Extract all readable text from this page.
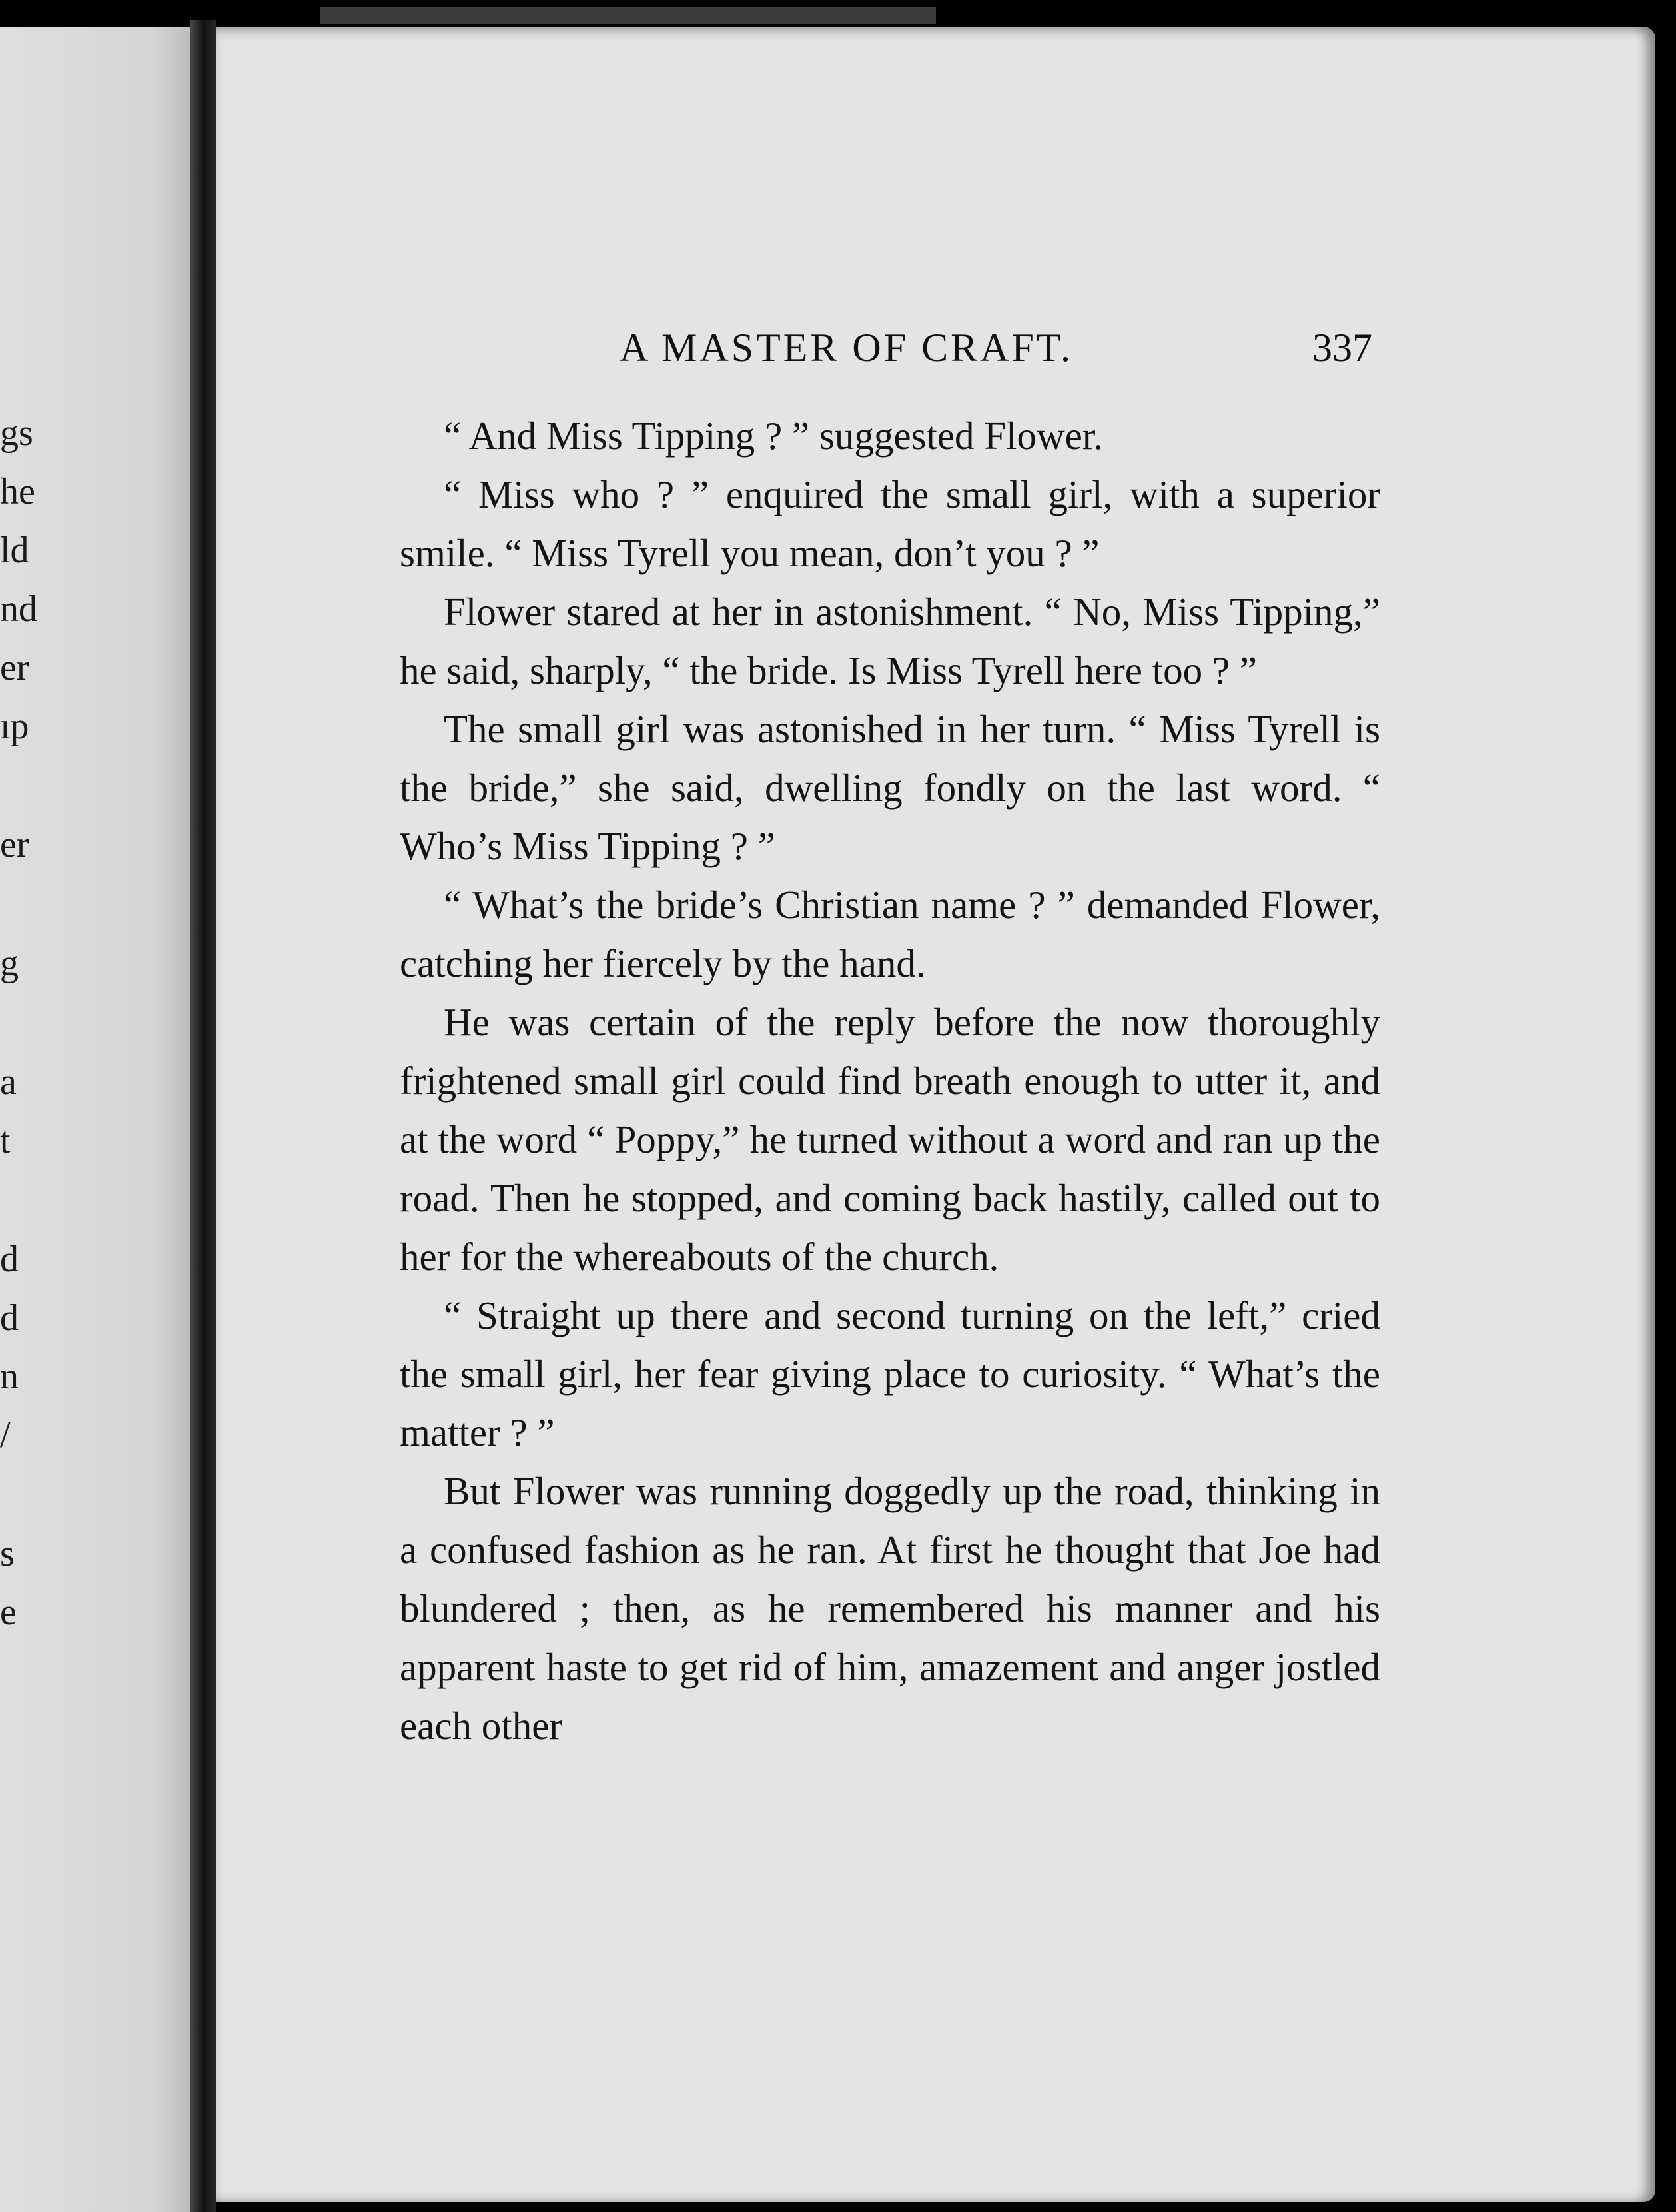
gs
he
ld
nd
er
ıp
er
g
a
t
d
d
n
/
s
e
A MASTER OF CRAFT.	337

“ And Miss Tipping ? ” suggested Flower.

“ Miss who ? ” enquired the small girl, with a superior smile. “ Miss Tyrell you mean, don’t you ? ”

Flower stared at her in astonishment. “ No, Miss Tipping,” he said, sharply, “ the bride. Is Miss Tyrell here too ? ”

The small girl was astonished in her turn. “ Miss Tyrell is the bride,” she said, dwelling fondly on the last word. “ Who’s Miss Tipping ? ”

“ What’s the bride’s Christian name ? ” demanded Flower, catching her fiercely by the hand.

He was certain of the reply before the now thoroughly frightened small girl could find breath enough to utter it, and at the word “ Poppy,” he turned without a word and ran up the road. Then he stopped, and coming back hastily, called out to her for the whereabouts of the church.

“ Straight up there and second turning on the left,” cried the small girl, her fear giving place to curiosity. “ What’s the matter ? ”

But Flower was running doggedly up the road, thinking in a confused fashion as he ran. At first he thought that Joe had blundered ; then, as he remembered his manner and his apparent haste to get rid of him, amazement and anger jostled each other
